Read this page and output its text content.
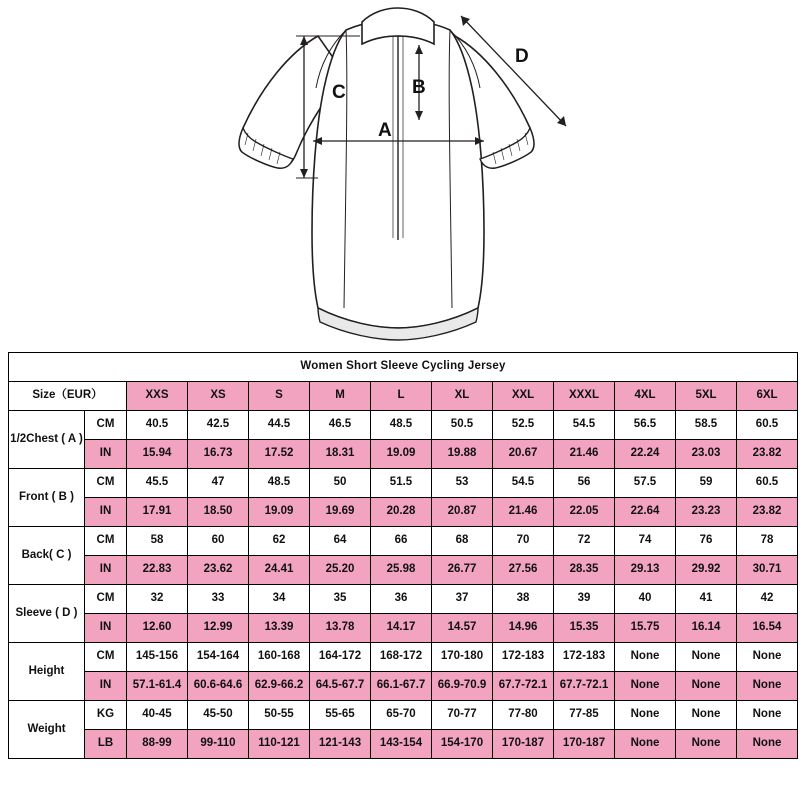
A
B
C
D
Women Short Sleeve Cycling Jersey												
Size（EUR）		XXS	XS	S	M	L	XL	XXL	XXXL	4XL	5XL	6XL
1/2Chest ( A )	CM	40.5	42.5	44.5	46.5	48.5	50.5	52.5	54.5	56.5	58.5	60.5
	IN	15.94	16.73	17.52	18.31	19.09	19.88	20.67	21.46	22.24	23.03	23.82
Front ( B )	CM	45.5	47	48.5	50	51.5	53	54.5	56	57.5	59	60.5
	IN	17.91	18.50	19.09	19.69	20.28	20.87	21.46	22.05	22.64	23.23	23.82
Back( C )	CM	58	60	62	64	66	68	70	72	74	76	78
	IN	22.83	23.62	24.41	25.20	25.98	26.77	27.56	28.35	29.13	29.92	30.71
Sleeve ( D )	CM	32	33	34	35	36	37	38	39	40	41	42
	IN	12.60	12.99	13.39	13.78	14.17	14.57	14.96	15.35	15.75	16.14	16.54
Height	CM	145-156	154-164	160-168	164-172	168-172	170-180	172-183	172-183	None	None	None
	IN	57.1-61.4	60.6-64.6	62.9-66.2	64.5-67.7	66.1-67.7	66.9-70.9	67.7-72.1	67.7-72.1	None	None	None
Weight	KG	40-45	45-50	50-55	55-65	65-70	70-77	77-80	77-85	None	None	None
	LB	88-99	99-110	110-121	121-143	143-154	154-170	170-187	170-187	None	None	None
